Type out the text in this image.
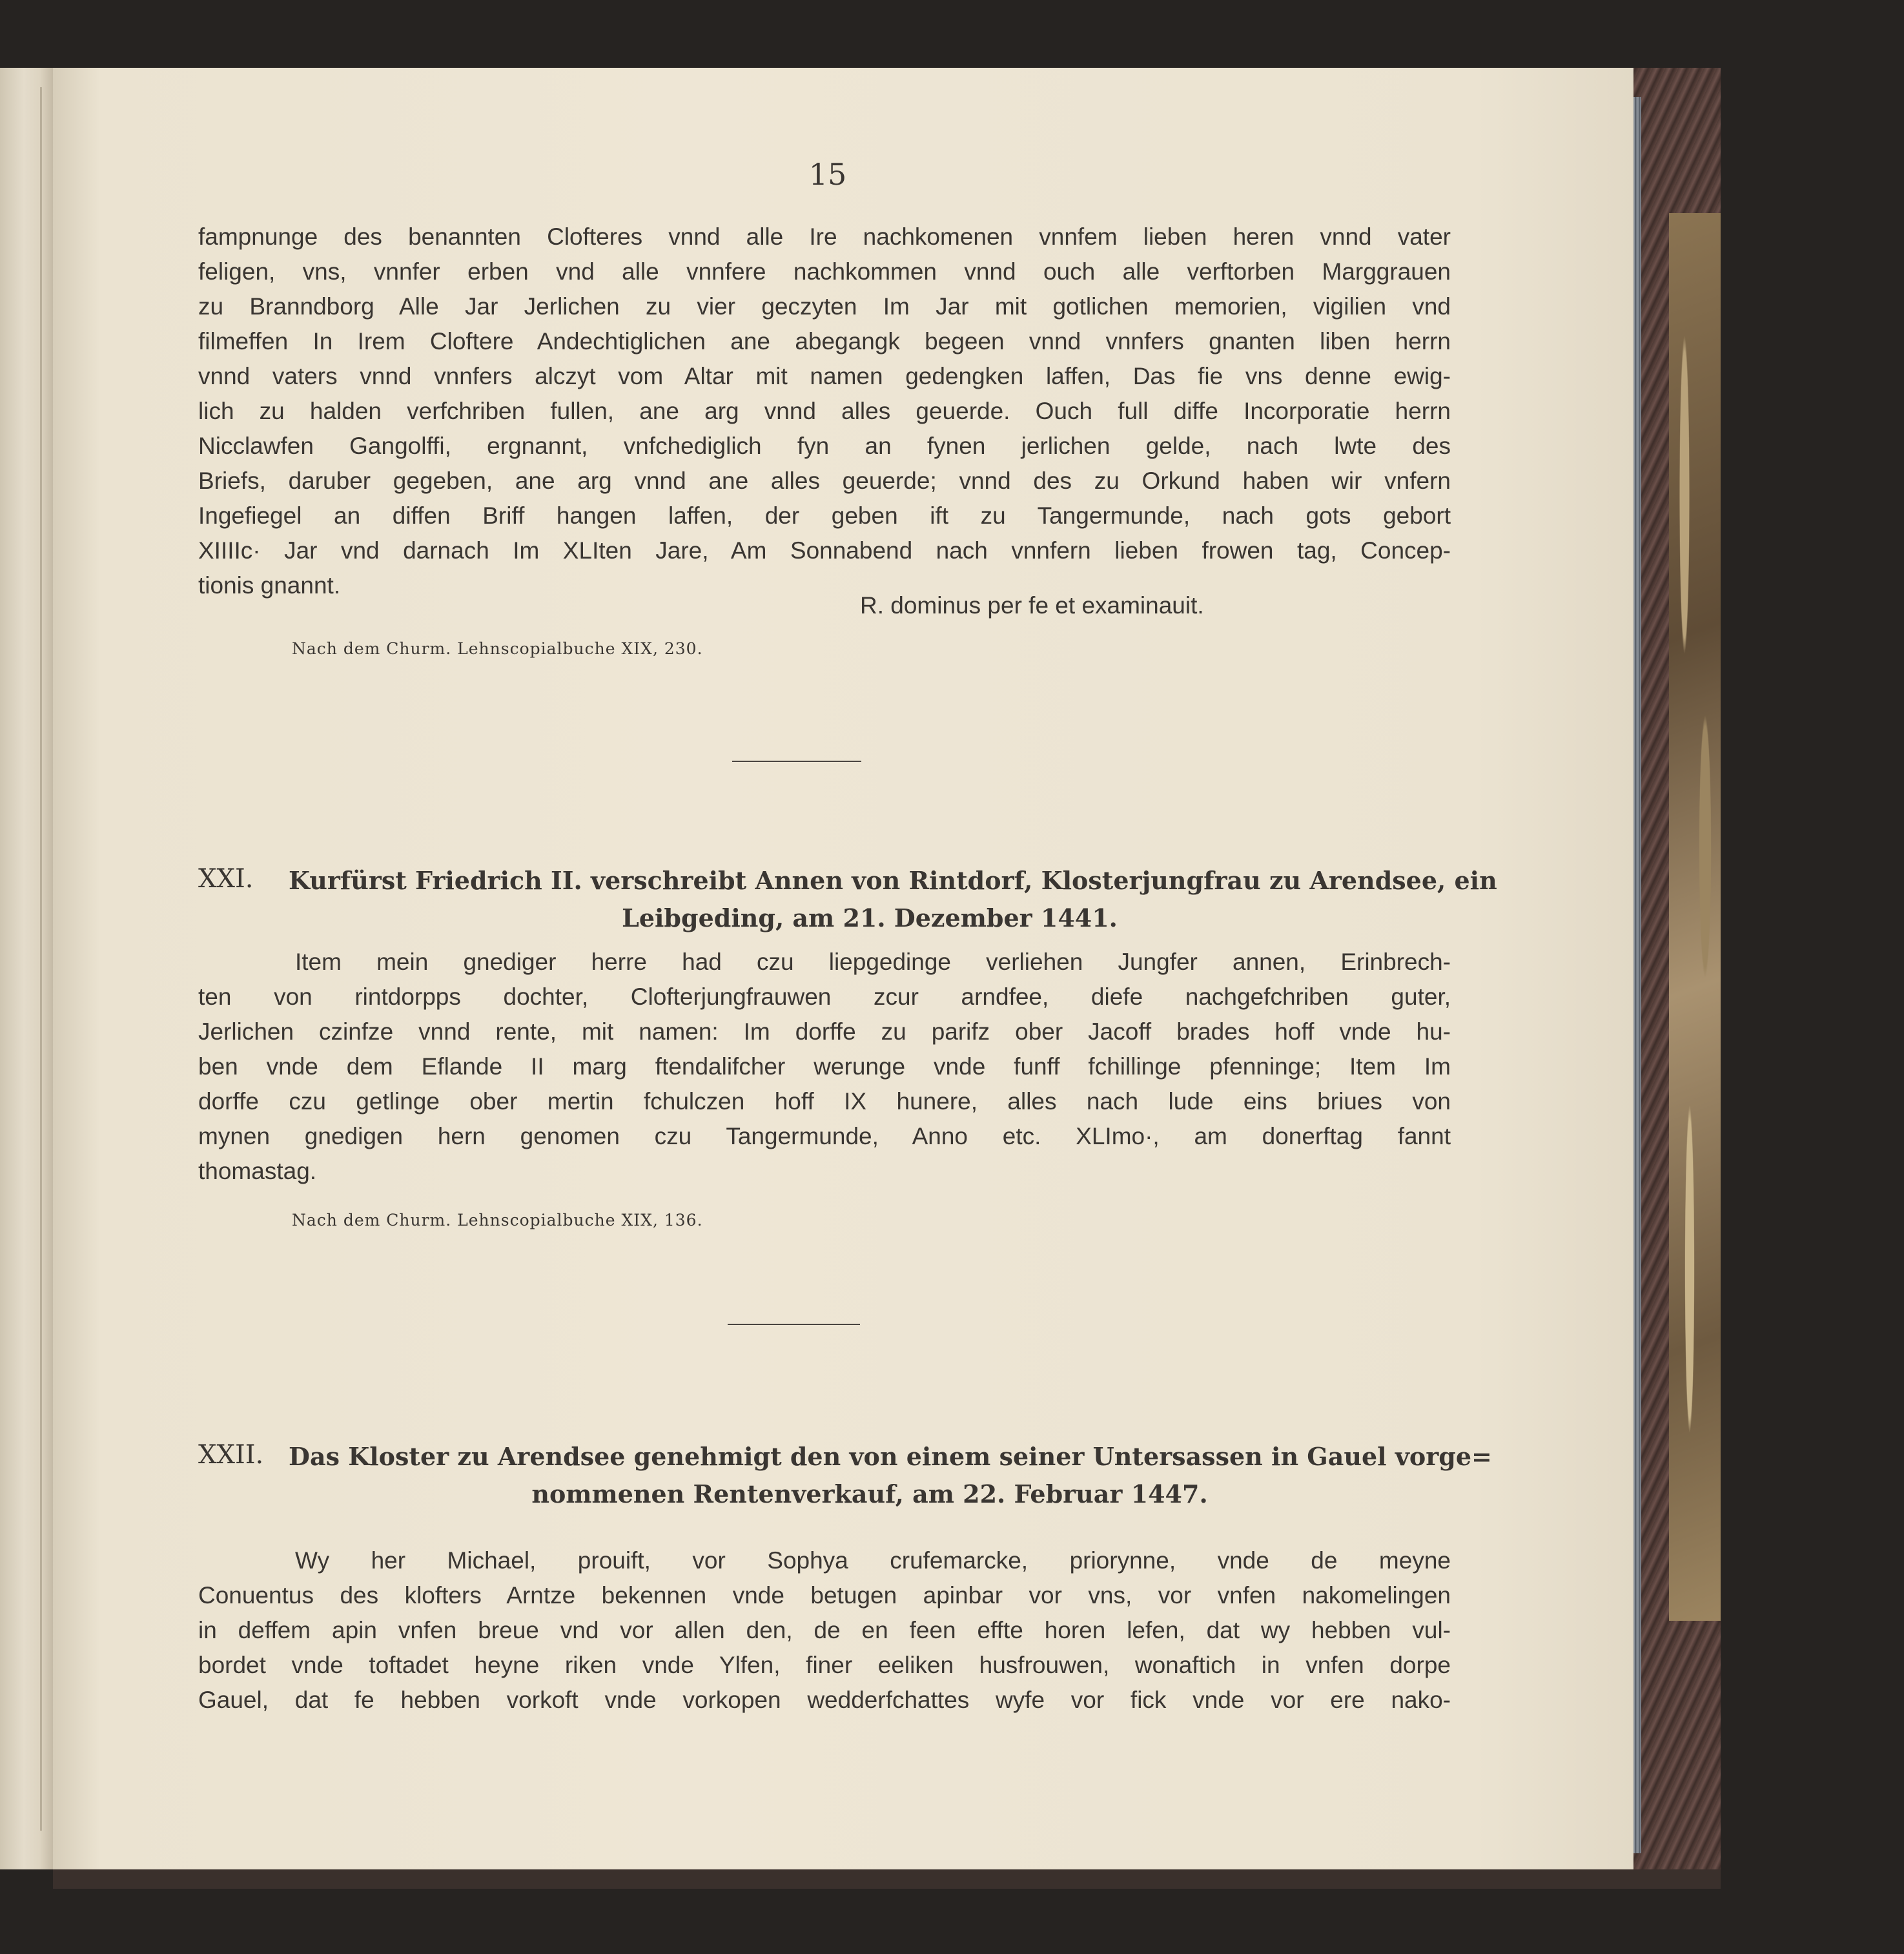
15
fampnunge des benannten Clofteres vnnd alle Ire nachkomenen vnnfem lieben heren vnnd vater
feligen, vns, vnnfer erben vnd alle vnnfere nachkommen vnnd ouch alle verftorben Marggrauen
zu Branndborg Alle Jar Jerlichen zu vier geczyten Im Jar mit gotlichen memorien, vigilien vnd
filmeffen In Irem Cloftere Andechtiglichen ane abegangk begeen vnnd vnnfers gnanten liben herrn
vnnd vaters vnnd vnnfers alczyt vom Altar mit namen gedengken laffen, Das fie vns denne ewig-
lich zu halden verfchriben fullen, ane arg vnnd alles geuerde. Ouch full diffe Incorporatie herrn
Nicclawfen Gangolffi, ergnannt, vnfchediglich fyn an fynen jerlichen gelde, nach lwte des
Briefs, daruber gegeben, ane arg vnnd ane alles geuerde; vnnd des zu Orkund haben wir vnfern
Ingefiegel an diffen Briff hangen laffen, der geben ift zu Tangermunde, nach gots gebort
XIIIIc· Jar vnd darnach Im XLIten Jare, Am Sonnabend nach vnnfern lieben frowen tag, Concep-
tionis gnannt.
R. dominus per fe et examinauit.
Nach dem Churm. Lehnscopialbuche XIX, 230.
XXI. Kurfürst Friedrich II. verschreibt Annen von Rintdorf, Klosterjungfrau zu Arendsee, ein
Leibgeding, am 21. Dezember 1441.
Item mein gnediger herre had czu liepgedinge verliehen Jungfer annen, Erinbrech-
ten von rintdorpps dochter, Clofterjungfrauwen zcur arndfee, diefe nachgefchriben guter,
Jerlichen czinfze vnnd rente, mit namen: Im dorffe zu parifz ober Jacoff brades hoff vnde hu-
ben vnde dem Eflande II marg ftendalifcher werunge vnde funff fchillinge pfenninge; Item Im
dorffe czu getlinge ober mertin fchulczen hoff IX hunere, alles nach lude eins briues von
mynen gnedigen hern genomen czu Tangermunde, Anno etc. XLImo·, am donerftag fannt
thomastag.
Nach dem Churm. Lehnscopialbuche XIX, 136.
XXII. Das Kloster zu Arendsee genehmigt den von einem seiner Untersassen in Gauel vorge=
nommenen Rentenverkauf, am 22. Februar 1447.
Wy her Michael, prouift, vor Sophya crufemarcke, priorynne, vnde de meyne
Conuentus des klofters Arntze bekennen vnde betugen apinbar vor vns, vor vnfen nakomelingen
in deffem apin vnfen breue vnd vor allen den, de en feen effte horen lefen, dat wy hebben vul-
bordet vnde toftadet heyne riken vnde Ylfen, finer eeliken husfrouwen, wonaftich in vnfen dorpe
Gauel, dat fe hebben vorkoft vnde vorkopen wedderfchattes wyfe vor fick vnde vor ere nako-
